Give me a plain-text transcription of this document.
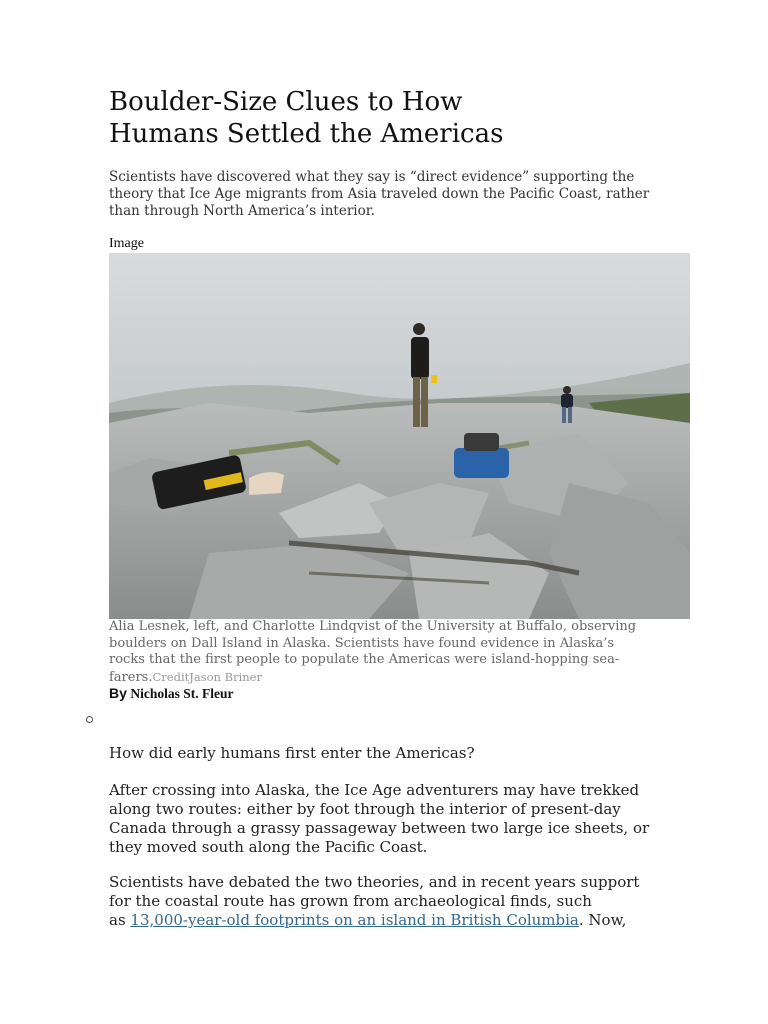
Boulder-Size Clues to How
Humans Settled the Americas

Scientists have discovered what they say is “direct evidence” supporting the
theory that Ice Age migrants from Asia traveled down the Pacific Coast, rather
than through North America’s interior.

Image

Alia Lesnek, left, and Charlotte Lindqvist of the University at Buffalo, observing
boulders on Dall Island in Alaska. Scientists have found evidence in Alaska’s
rocks that the first people to populate the Americas were island-hopping sea-
farers.CreditJason Briner

By Nicholas St. Fleur

How did early humans first enter the Americas?

After crossing into Alaska, the Ice Age adventurers may have trekked
along two routes: either by foot through the interior of present-day
Canada through a grassy passageway between two large ice sheets, or
they moved south along the Pacific Coast.

Scientists have debated the two theories, and in recent years support
for the coastal route has grown from archaeological finds, such
as 13,000-year-old footprints on an island in British Columbia. Now,
